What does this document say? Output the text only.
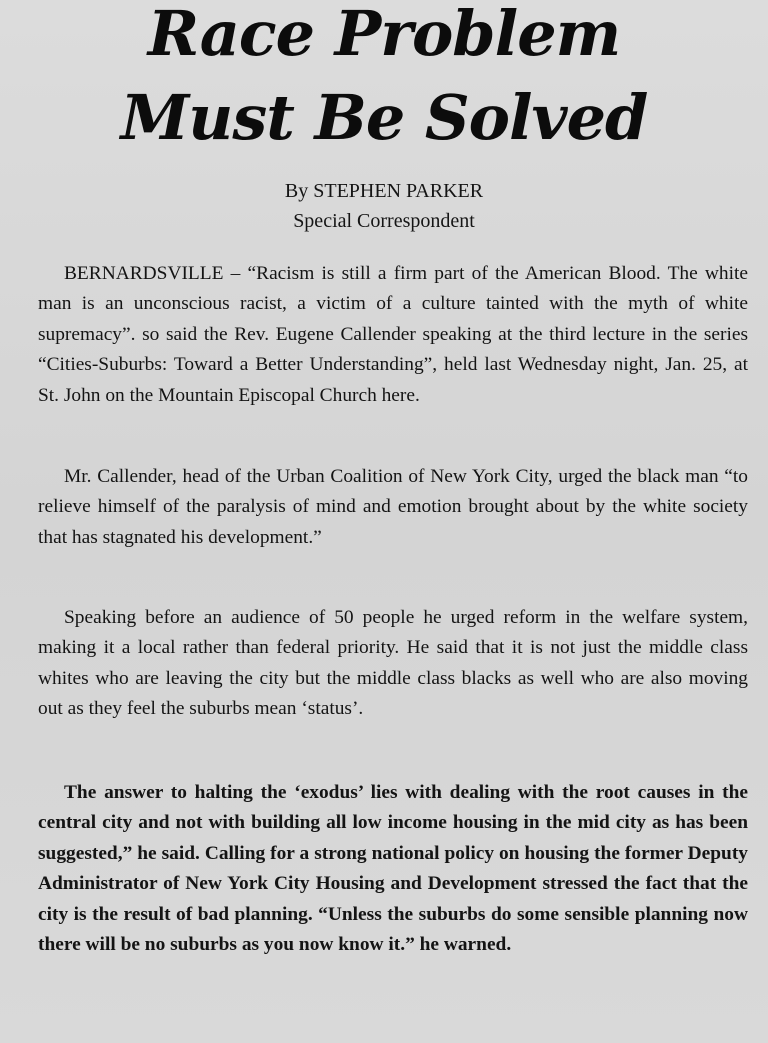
Race Problem
Must Be Solved
By STEPHEN PARKER
Special Correspondent

BERNARDSVILLE – “Racism is still a firm part of the American Blood. The white man is an unconscious racist, a victim of a culture tainted with the myth of white supremacy”. so said the Rev. Eugene Callender speaking at the third lecture in the series “Cities-Suburbs: Toward a Better Understanding”, held last Wednesday night, Jan. 25, at St. John on the Mountain Episcopal Church here.

Mr. Callender, head of the Urban Coalition of New York City, urged the black man “to relieve himself of the paralysis of mind and emotion brought about by the white society that has stagnated his development.”

Speaking before an audience of 50 people he urged reform in the welfare system, making it a local rather than federal priority. He said that it is not just the middle class whites who are leaving the city but the middle class blacks as well who are also moving out as they feel the suburbs mean ‘status’.

The answer to halting the ‘exodus’ lies with dealing with the root causes in the central city and not with building all low income housing in the mid city as has been suggested,” he said. Calling for a strong national policy on housing the former Deputy Administrator of New York City Housing and Development stressed the fact that the city is the result of bad planning. “Unless the suburbs do some sensible planning now there will be no suburbs as you now know it.” he warned.
